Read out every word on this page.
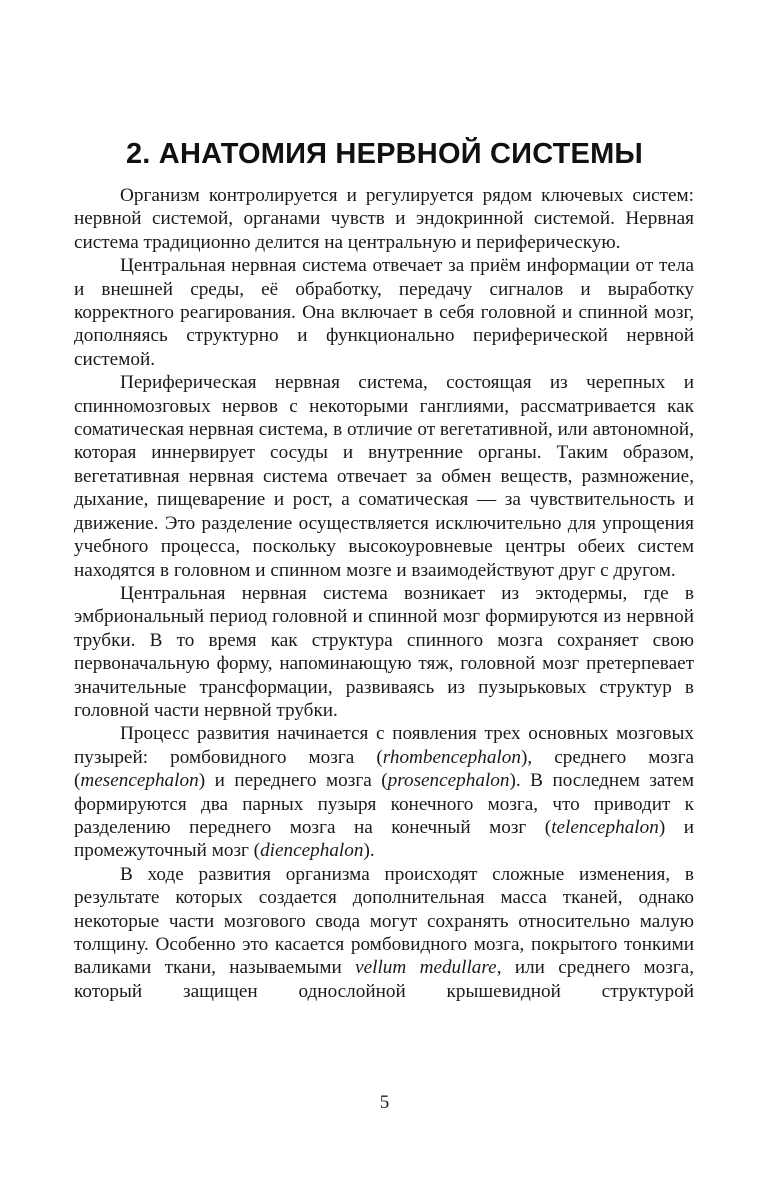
2. АНАТОМИЯ НЕРВНОЙ СИСТЕМЫ

Организм контролируется и регулируется рядом ключевых систем: нервной системой, органами чувств и эндокринной системой. Нервная система традиционно делится на центральную и периферическую.

Центральная нервная система отвечает за приём информации от тела и внешней среды, её обработку, передачу сигналов и выработку корректного реагирования. Она включает в себя головной и спинной мозг, дополняясь структурно и функционально периферической нервной системой.

Периферическая нервная система, состоящая из черепных и спинномозговых нервов с некоторыми ганглиями, рассматривается как соматическая нервная система, в отличие от вегетативной, или автономной, которая иннервирует сосуды и внутренние органы. Таким образом, вегетативная нервная система отвечает за обмен веществ, размножение, дыхание, пищеварение и рост, а соматическая — за чувствительность и движение. Это разделение осуществляется исключительно для упрощения учебного процесса, поскольку высокоуровневые центры обеих систем находятся в головном и спинном мозге и взаимодействуют друг с другом.

Центральная нервная система возникает из эктодермы, где в эмбриональный период головной и спинной мозг формируются из нервной трубки. В то время как структура спинного мозга сохраняет свою первоначальную форму, напоминающую тяж, головной мозг претерпевает значительные трансформации, развиваясь из пузырьковых структур в головной части нервной трубки.

Процесс развития начинается с появления трех основных мозговых пузырей: ромбовидного мозга (rhombencephalon), среднего мозга (mesencephalon) и переднего мозга (prosencephalon). В последнем затем формируются два парных пузыря конечного мозга, что приводит к разделению переднего мозга на конечный мозг (telencephalon) и промежуточный мозг (diencephalon).

В ходе развития организма происходят сложные изменения, в результате которых создается дополнительная масса тканей, однако некоторые части мозгового свода могут сохранять относительно малую толщину. Особенно это касается ромбовидного мозга, покрытого тонкими валиками ткани, называемыми vellum medullare, или среднего мозга, который защищен однослойной крышевидной структурой

5
